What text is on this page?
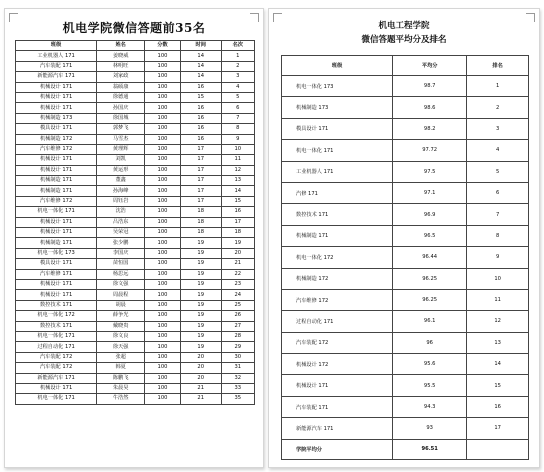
机电学院微信答题前35名
班级	姓名	分数	时间	名次
工业机器人 171	姜晓威	100	14	1
汽车装配 171	林明旺	100	14	2
新能源汽车 171	刘家政	100	14	3
机械设计 171	翁硕康	100	16	4
机械设计 171	徐德通	100	15	5
机械设计 171	孙国庆	100	16	6
机械制造 173	徐国城	100	16	7
模具设计 171	郭梦飞	100	16	8
机械制造 172	马雪杰	100	16	9
汽车维修 172	黄理辉	100	17	10
机械设计 171	刘凯	100	17	11
机械设计 171	黄运形	100	17	12
机械制造 171	董鑫	100	17	13
机械制造 171	孙海峰	100	17	14
汽车维修 172	周钰岩	100	17	15
机电一体化 171	沈浩	100	18	16
机械设计 171	吕浩东	100	18	17
机械设计 171	吴荣冠	100	18	18
机械制造 171	张少鹏	100	19	19
机电一体化 173	李国庆	100	19	20
模具设计 171	苗恒国	100	19	21
汽车维修 171	杨思远	100	19	22
机械设计 171	徐文强	100	19	23
机械设计 171	周晨程	100	19	24
数控技术 171	胡晨	100	19	25
机电一体化 172	薛争光	100	19	26
数控技术 171	戴晓贵	100	19	27
机电一体化 171	徐文良	100	19	28
过程自动化 171	徐天强	100	19	29
汽车装配 172	张超	100	20	30
汽车装配 172	韩夏	100	20	31
新能源汽车 171	陈鹏飞	100	20	32
机械设计 171	朱晨昊	100	21	33
机电一体化 171	牛浩然	100	21	35
机电工程学院
微信答题平均分及排名
班级	平均分	排名
机电一体化 173	98.7	1
机械制造 173	98.6	2
模具设计 171	98.2	3
机电一体化 171	97.72	4
工业机器人 171	97.5	5
汽修 171	97.1	6
数控技术 171	96.9	7
机械制造 171	96.5	8
机电一体化 172	96.44	9
机械制造 172	96.25	10
汽车维修 172	96.25	11
过程自动化 171	96.1	12
汽车装配 172	96	13
机械设计 172	95.6	14
机械设计 171	95.5	15
汽车装配 171	94.3	16
新能源汽车 171	93	17
学院平均分	96.51	
